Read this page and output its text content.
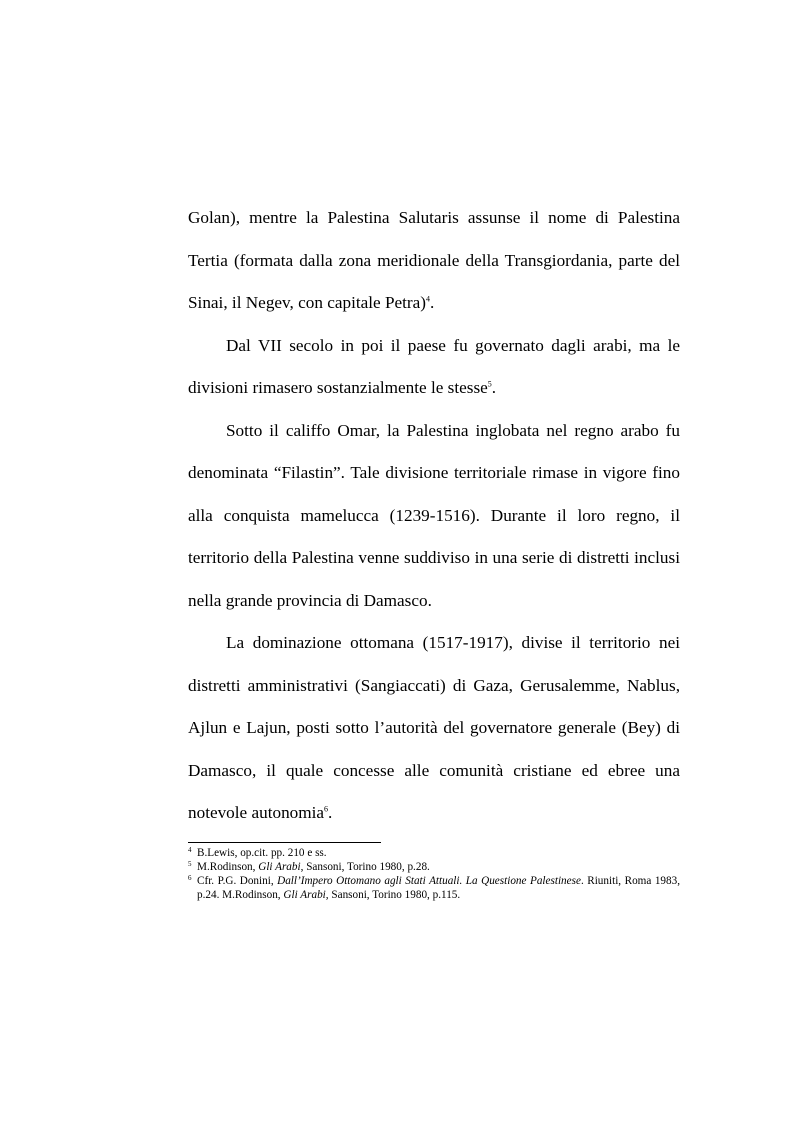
Golan), mentre la Palestina Salutaris assunse il nome di Palestina Tertia (formata dalla zona meridionale della Transgiordania, parte del Sinai, il Negev, con capitale Petra)$^4$.

Dal VII secolo in poi il paese fu governato dagli arabi, ma le divisioni rimasero sostanzialmente le stesse$^5$.

Sotto il califfo Omar, la Palestina inglobata nel regno arabo fu denominata “Filastin”. Tale divisione territoriale rimase in vigore fino alla conquista mamelucca (1239-1516). Durante il loro regno, il territorio della Palestina venne suddiviso in una serie di distretti inclusi nella grande provincia di Damasco.

La dominazione ottomana (1517-1917), divise il territorio nei distretti amministrativi (Sangiaccati) di Gaza, Gerusalemme, Nablus, Ajlun e Lajun, posti sotto l’autorità del governatore generale (Bey) di Damasco, il quale concesse alle comunità cristiane ed ebree una notevole autonomia$^6$.

$^4$ B.Lewis, op.cit. pp. 210 e ss.

$^5$ M.Rodinson, Gli Arabi, Sansoni, Torino 1980, p.28.

$^6$ Cfr. P.G. Donini, Dall’Impero Ottomano agli Stati Attuali. La Questione Palestinese. Riuniti, Roma 1983, p.24. M.Rodinson, Gli Arabi, Sansoni, Torino 1980, p.115.
